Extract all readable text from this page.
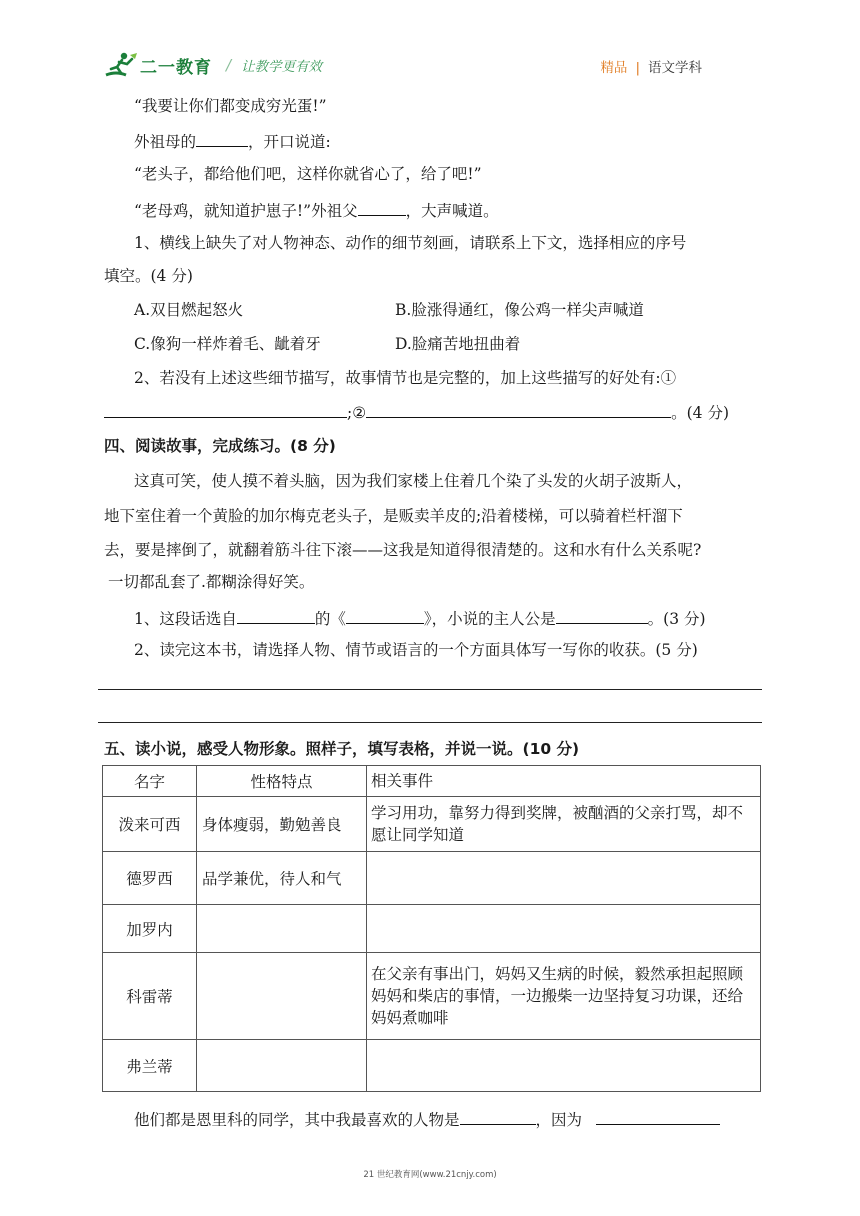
二一教育 / 让教学更有效	精品 | 语文学科
“我要让你们都变成穷光蛋!”
外祖母的	，开口说道:
“老头子，都给他们吧，这样你就省心了，给了吧!”
“老母鸡，就知道护崽子!”外祖父	，大声喊道。
1、横线上缺失了对人物神态、动作的细节刻画，请联系上下文，选择相应的序号
填空。(4 分)
A.双目燃起怒火	B.脸涨得通红，像公鸡一样尖声喊道
C.像狗一样炸着毛、龇着牙	D.脸痛苦地扭曲着
2、若没有上述这些细节描写，故事情节也是完整的，加上这些描写的好处有:①
;②	。(4 分)
四、阅读故事，完成练习。(8 分)
这真可笑，使人摸不着头脑，因为我们家楼上住着几个染了头发的火胡子波斯人，
地下室住着一个黄脸的加尔梅克老头子，是贩卖羊皮的;沿着楼梯，可以骑着栏杆溜下
去，要是摔倒了，就翻着筋斗往下滚——这我是知道得很清楚的。这和水有什么关系呢?
一切都乱套了.都糊涂得好笑。
1、这段话选自	的《	》，小说的主人公是	。(3 分)
2、读完这本书，请选择人物、情节或语言的一个方面具体写一写你的收获。(5 分)
五、读小说，感受人物形象。照样子，填写表格，并说一说。(10 分)
名字	性格特点	相关事件
泼来可西	身体瘦弱，勤勉善良	学习用功，靠努力得到奖牌，被酗酒的父亲打骂，却不愿让同学知道
德罗西	品学兼优，待人和气	
加罗内		
科雷蒂		在父亲有事出门，妈妈又生病的时候，毅然承担起照顾妈妈和柴店的事情，一边搬柴一边坚持复习功课，还给妈妈煮咖啡
弗兰蒂		
他们都是恩里科的同学，其中我最喜欢的人物是	，因为
21 世纪教育网(www.21cnjy.com)
